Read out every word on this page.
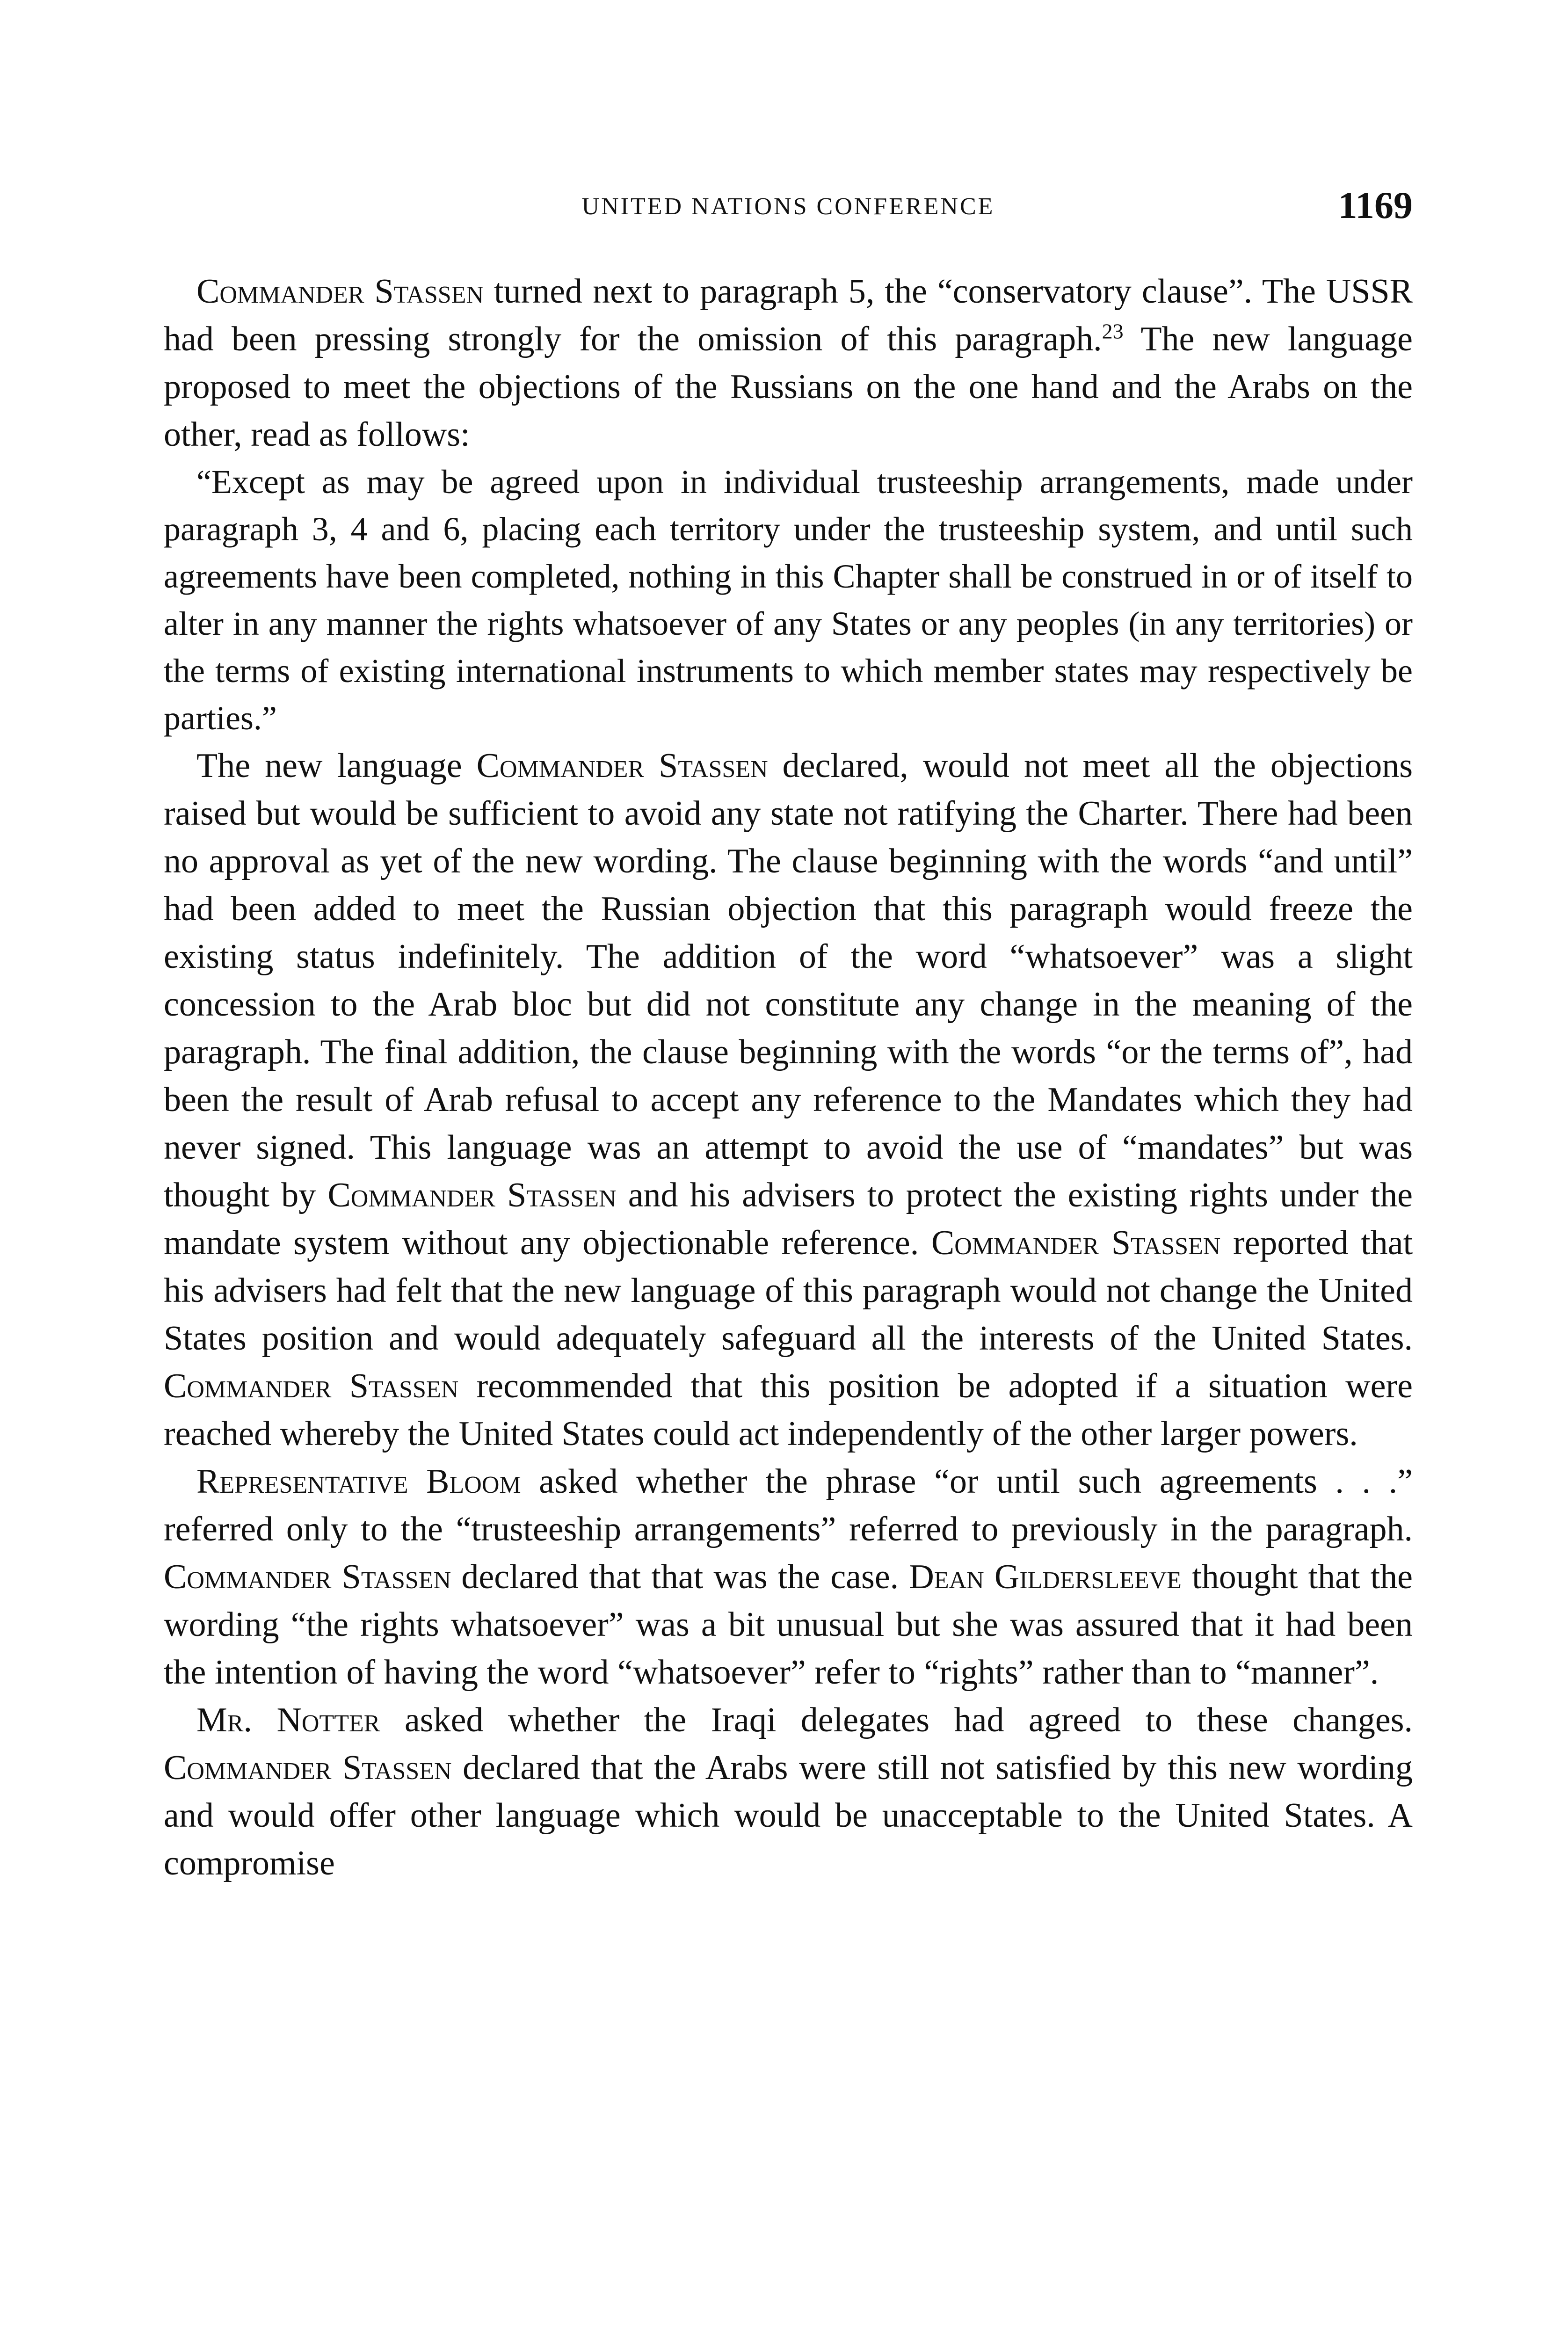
UNITED NATIONS CONFERENCE	1169

Commander Stassen turned next to paragraph 5, the “conservatory clause”. The USSR had been pressing strongly for the omission of this paragraph.$^{23}$ The new language proposed to meet the objections of the Russians on the one hand and the Arabs on the other, read as follows:

“Except as may be agreed upon in individual trusteeship arrangements, made under paragraph 3, 4 and 6, placing each territory under the trusteeship system, and until such agreements have been completed, nothing in this Chapter shall be construed in or of itself to alter in any manner the rights whatsoever of any States or any peoples (in any territories) or the terms of existing international instruments to which member states may respectively be parties.”

The new language Commander Stassen declared, would not meet all the objections raised but would be sufficient to avoid any state not ratifying the Charter. There had been no approval as yet of the new wording. The clause beginning with the words “and until” had been added to meet the Russian objection that this paragraph would freeze the existing status indefinitely. The addition of the word “whatsoever” was a slight concession to the Arab bloc but did not constitute any change in the meaning of the paragraph. The final addition, the clause beginning with the words “or the terms of”, had been the result of Arab refusal to accept any reference to the Mandates which they had never signed. This language was an attempt to avoid the use of “mandates” but was thought by Commander Stassen and his advisers to protect the existing rights under the mandate system without any objectionable reference. Commander Stassen reported that his advisers had felt that the new language of this paragraph would not change the United States position and would adequately safeguard all the interests of the United States. Commander Stassen recommended that this position be adopted if a situation were reached whereby the United States could act independently of the other larger powers.

Representative Bloom asked whether the phrase “or until such agreements . . .” referred only to the “trusteeship arrangements” referred to previously in the paragraph. Commander Stassen declared that that was the case. Dean Gildersleeve thought that the wording “the rights whatsoever” was a bit unusual but she was assured that it had been the intention of having the word “whatsoever” refer to “rights” rather than to “manner”.

Mr. Notter asked whether the Iraqi delegates had agreed to these changes. Commander Stassen declared that the Arabs were still not satisfied by this new wording and would offer other language which would be unacceptable to the United States. A compromise
